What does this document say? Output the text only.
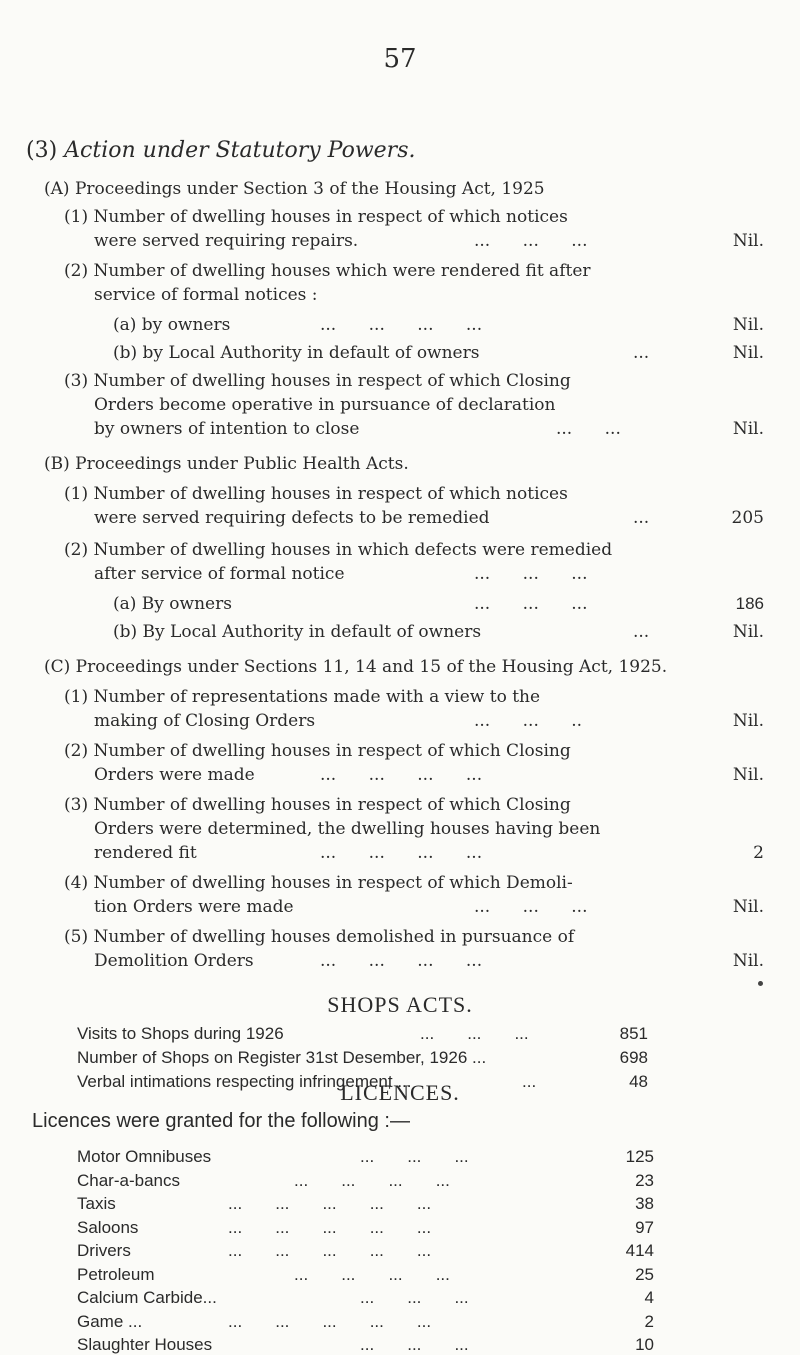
57
(3) Action under Statutory Powers.
(A) Proceedings under Section 3 of the Housing Act, 1925
(1) Number of dwelling houses in respect of which notices
were served requiring repairs.	...      ...      ...	Nil.
(2) Number of dwelling houses which were rendered fit after
service of formal notices :
(a) by owners	...      ...      ...      ...	Nil.
(b) by Local Authority in default of owners	...	Nil.
(3) Number of dwelling houses in respect of which Closing
Orders become operative in pursuance of declaration
by owners of intention to close	...      ...	Nil.
(B) Proceedings under Public Health Acts.
(1) Number of dwelling houses in respect of which notices
were served requiring defects to be remedied	...	205
(2) Number of dwelling houses in which defects were remedied
after service of formal notice	...      ...      ...
(a) By owners	...      ...      ...	186
(b) By Local Authority in default of owners	...	Nil.
(C) Proceedings under Sections 11, 14 and 15 of the Housing Act, 1925.
(1) Number of representations made with a view to the
making of Closing Orders	...      ...      ..	Nil.
(2) Number of dwelling houses in respect of which Closing
Orders were made	...      ...      ...      ...	Nil.
(3) Number of dwelling houses in respect of which Closing
Orders were determined, the dwelling houses having been
rendered fit	...      ...      ...      ...	2
(4) Number of dwelling houses in respect of which Demoli-
tion Orders were made	...      ...      ...	Nil.
(5) Number of dwelling houses demolished in pursuance of
Demolition Orders	...      ...      ...      ...	Nil.
SHOPS ACTS.
Visits to Shops during 1926	...       ...       ...	851
Number of Shops on Register 31st Desember, 1926 ...	698
Verbal intimations respecting infringement ...	...	48
LICENCES.
Licences were granted for the following :—
Motor Omnibuses	125
Char-a-bancs	23
Taxis	38
Saloons	97
Drivers	414
Petroleum	25
Calcium Carbide...	4
Game ...	2
Slaughter Houses	10
...       ...       ...
...       ...       ...       ...
...       ...       ...       ...       ...
...       ...       ...       ...       ...
...       ...       ...       ...       ...
...       ...       ...       ...
...       ...       ...
...       ...       ...       ...       ...
...       ...       ...
